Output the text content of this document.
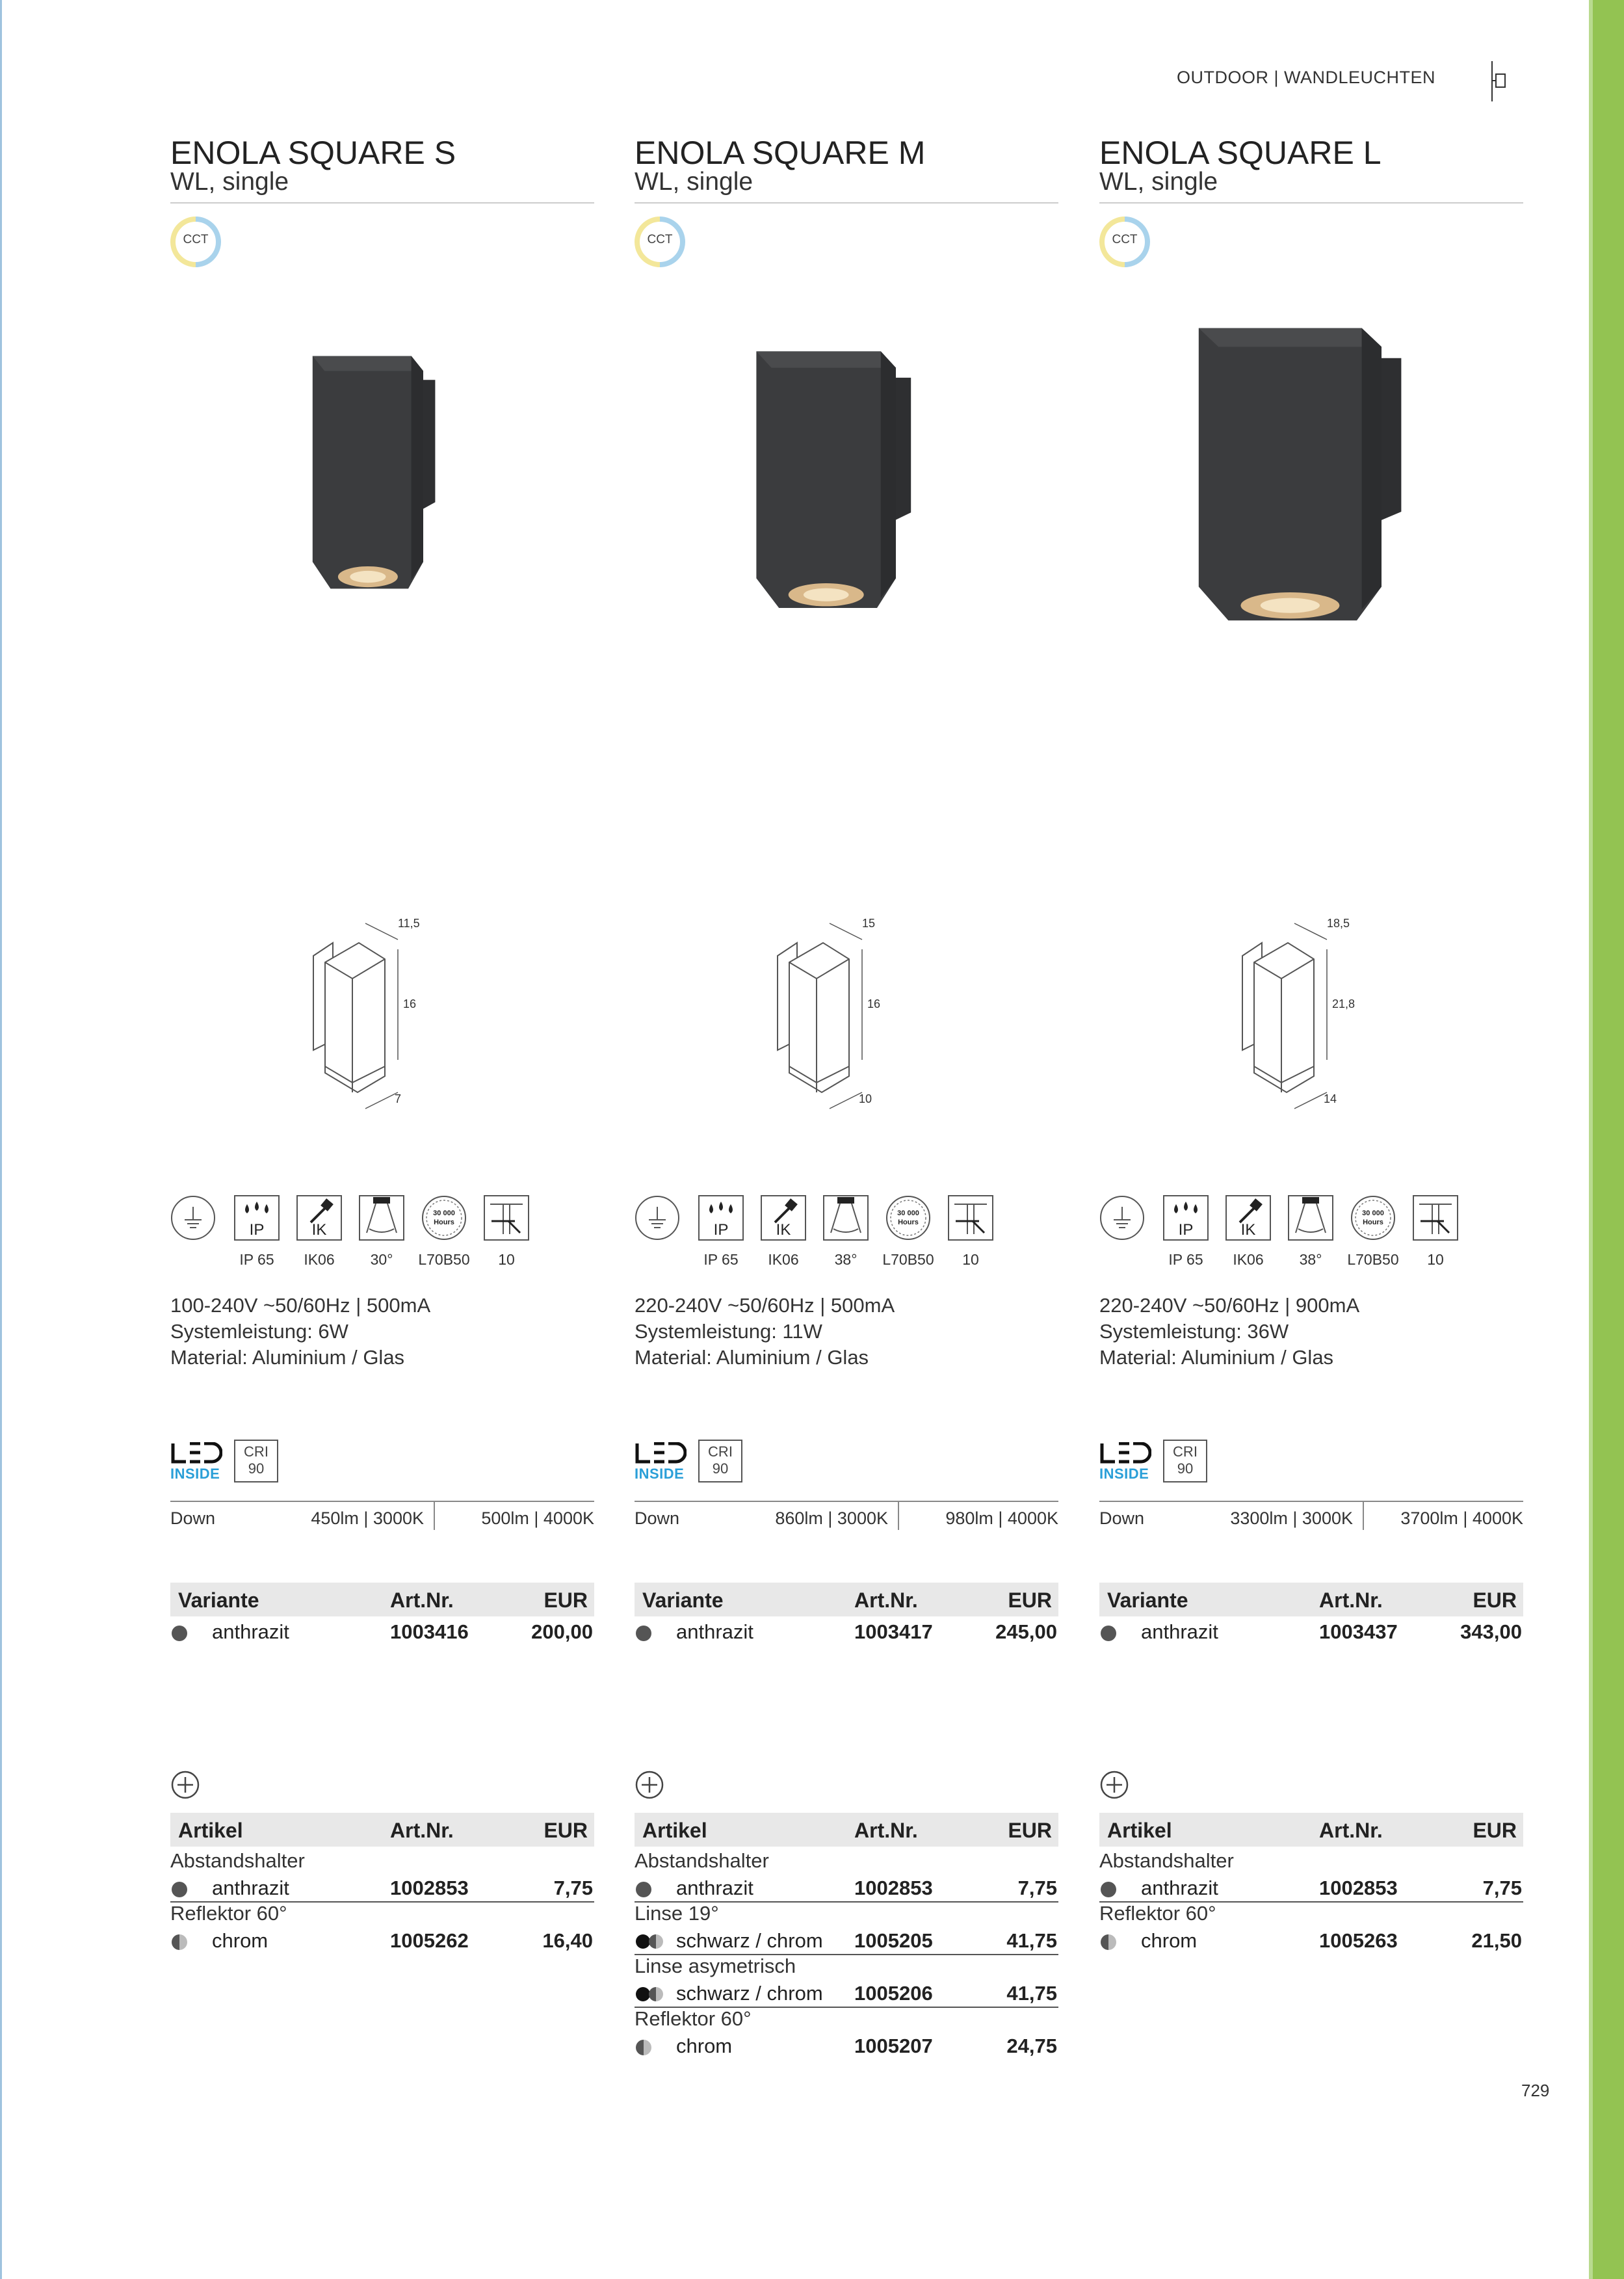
OUTDOOR | WANDLEUCHTEN
729
ENOLA SQUARE S
WL, single
CCT
11,5
16
7
IP	IK
30 000
Hours
IP 65	IK06	30°	L70B50	10
100-240V ~50/60Hz | 500mA
Systemleistung: 6W
Material: Aluminium / Glas
INSIDE
CRI
90
Down	450lm | 3000K	500lm | 4000K
Variante	Art.Nr.	EUR
anthrazit	1003416	200,00
Artikel	Art.Nr.	EUR
Abstandshalter
anthrazit	1002853	7,75
Reflektor 60°
chrom	1005262	16,40
ENOLA SQUARE M
WL, single
CCT
15
16
10
IP	IK
30 000
Hours
IP 65	IK06	38°	L70B50	10
220-240V ~50/60Hz | 500mA
Systemleistung: 11W
Material: Aluminium / Glas
INSIDE
CRI
90
Down	860lm | 3000K	980lm | 4000K
Variante	Art.Nr.	EUR
anthrazit	1003417	245,00
Artikel	Art.Nr.	EUR
Abstandshalter
anthrazit	1002853	7,75
Linse 19°
schwarz / chrom 1005205	41,75
Linse asymetrisch
schwarz / chrom 1005206	41,75
Reflektor 60°
chrom	1005207	24,75
ENOLA SQUARE L
WL, single
CCT
18,5
21,8
14
IP	IK
30 000
Hours
IP 65	IK06	38°	L70B50	10
220-240V ~50/60Hz | 900mA
Systemleistung: 36W
Material: Aluminium / Glas
INSIDE
CRI
90
Down	3300lm | 3000K	3700lm | 4000K
Variante	Art.Nr.	EUR
anthrazit	1003437	343,00
Artikel	Art.Nr.	EUR
Abstandshalter
anthrazit	1002853	7,75
Reflektor 60°
chrom	1005263	21,50
